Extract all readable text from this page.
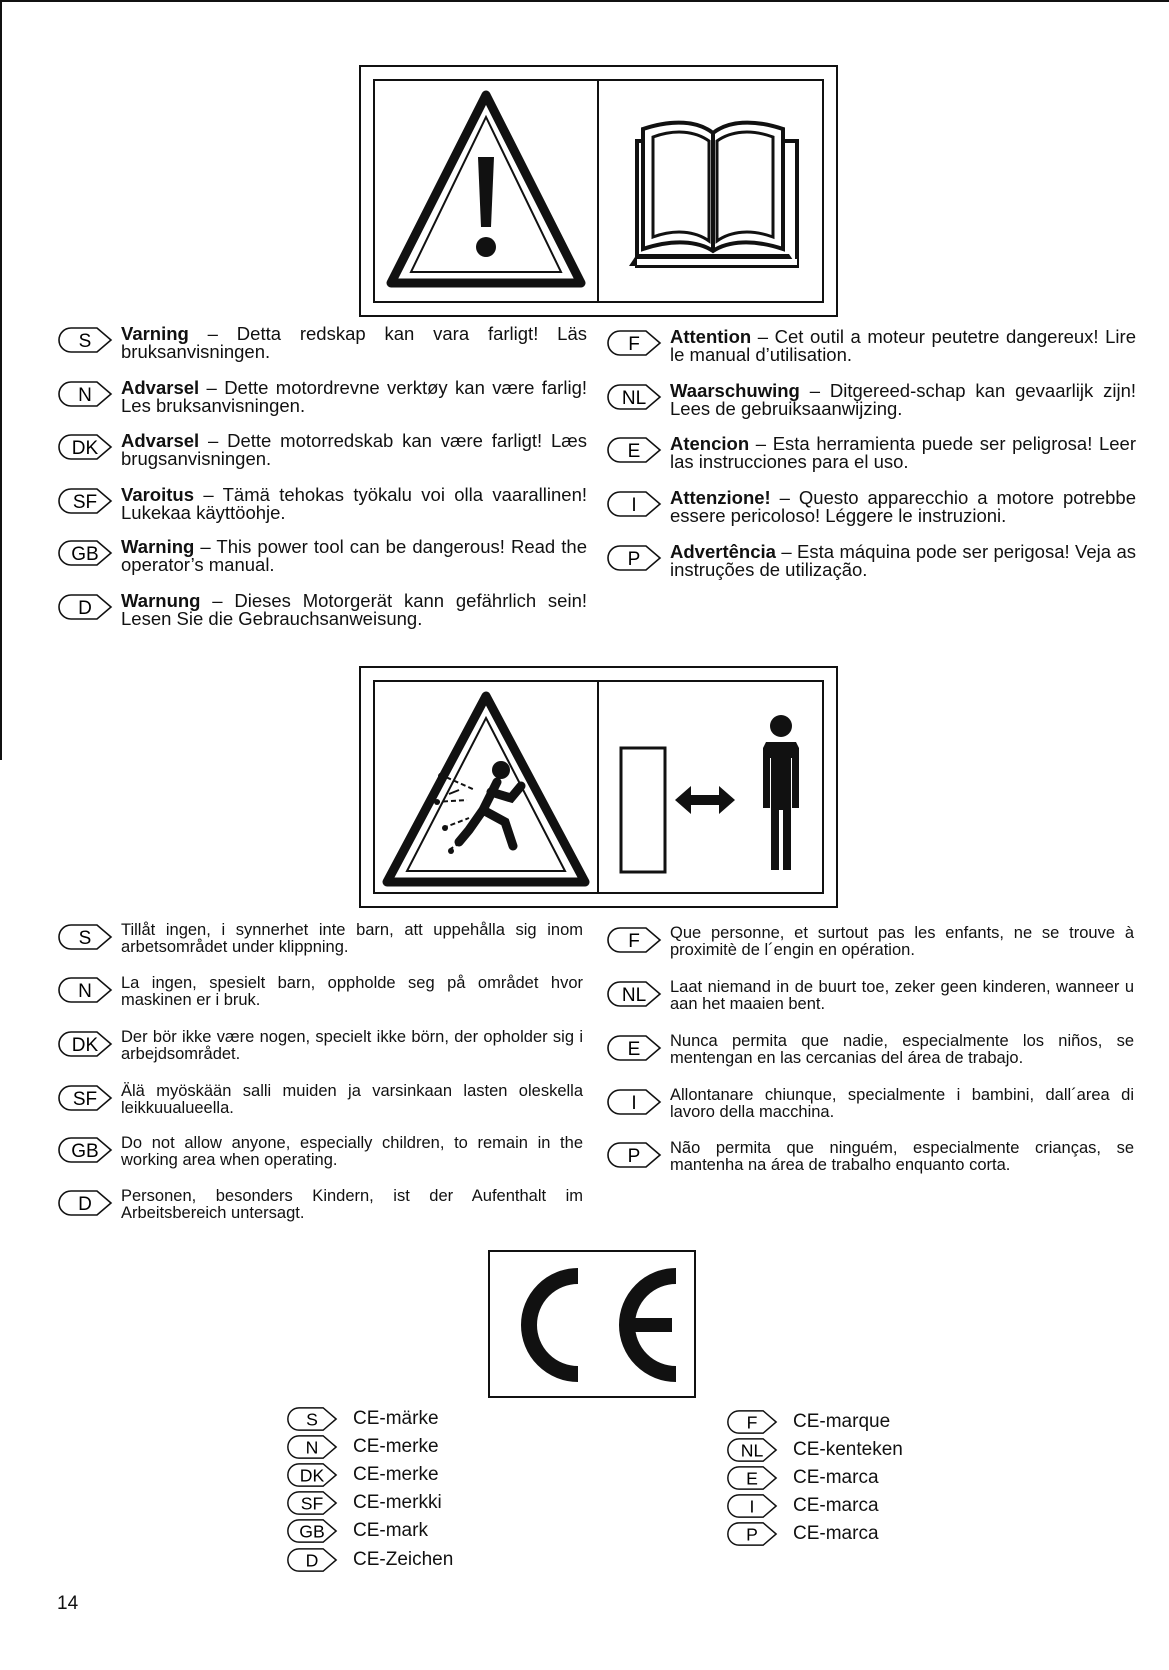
S Varning – Detta redskap kan vara farligt! Läs bruksanvisningen.
N Advarsel – Dette motordrevne verktøy kan være farlig! Les bruksanvisningen.
DK Advarsel – Dette motorredskab kan være farligt! Læs brugsanvisningen.
SF Varoitus – Tämä tehokas työkalu voi olla vaarallinen! Lukekaa käyttöohje.
GB Warning – This power tool can be dangerous! Read the operator’s manual.
D Warnung – Dieses Motorgerät kann gefährlich sein! Lesen Sie die Gebrauchsanweisung.
F Attention – Cet outil a moteur peutetre dangereux! Lire le manual d’utilisation.
NL Waarschuwing – Ditgereed-schap kan gevaarlijk zijn! Lees de gebruiksaanwijzing.
E Atencion – Esta herramienta puede ser peligrosa! Leer las instrucciones para el uso.
I Attenzione! – Questo apparecchio a motore potrebbe essere pericoloso! Léggere le instruzioni.
P Advertência – Esta máquina pode ser perigosa! Veja as instruções de utilização.
S Tillåt ingen, i synnerhet inte barn, att uppehålla sig inom arbetsområdet under klippning.
N La ingen, spesielt barn, oppholde seg på området hvor maskinen er i bruk.
DK Der bör ikke være nogen, specielt ikke börn, der opholder sig i arbejdsområdet.
SF Älä myöskään salli muiden ja varsinkaan lasten oleskella leikkuualueella.
GB Do not allow anyone, especially children, to remain in the working area when operating.
D Personen, besonders Kindern, ist der Aufenthalt im Arbeitsbereich untersagt.
F Que personne, et surtout pas les enfants, ne se trouve à proximitè de l´engin en opération.
NL Laat niemand in de buurt toe, zeker geen kinderen, wanneer u aan het maaien bent.
E Nunca permita que nadie, especialmente los niños, se mentengan en las cercanias del área de trabajo.
I Allontanare chiunque, specialmente i bambini, dall´area di lavoro della macchina.
P Não permita que ninguém, especialmente crianças, se mantenha na área de trabalho enquanto corta.
S CE-märke
N CE-merke
DK CE-merke
SF CE-merkki
GB CE-mark
D CE-Zeichen
F CE-marque
NL CE-kenteken
E CE-marca
I CE-marca
P CE-marca
14
